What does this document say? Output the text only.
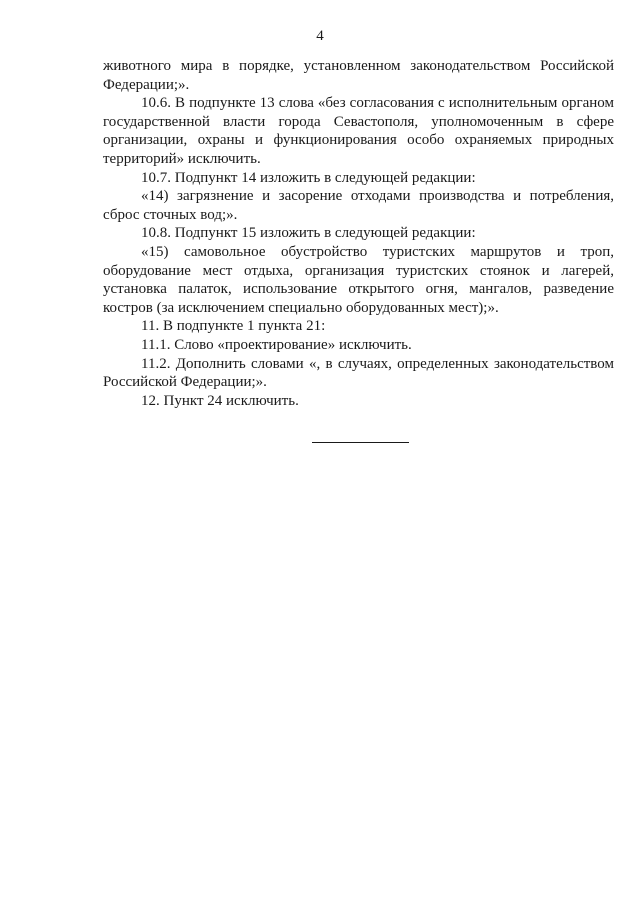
4

животного мира в порядке, установленном законодательством Российской Федерации;».

10.6. В подпункте 13 слова «без согласования с исполнительным органом государственной власти города Севастополя, уполномоченным в сфере организации, охраны и функционирования особо охраняемых природных территорий» исключить.

10.7. Подпункт 14 изложить в следующей редакции:

«14) загрязнение и засорение отходами производства и потребления, сброс сточных вод;».

10.8. Подпункт 15 изложить в следующей редакции:

«15) самовольное обустройство туристских маршрутов и троп, оборудование мест отдыха, организация туристских стоянок и лагерей, установка палаток, использование открытого огня, мангалов, разведение костров (за исключением специально оборудованных мест);».

11. В подпункте 1 пункта 21:

11.1. Слово «проектирование» исключить.

11.2. Дополнить словами «, в случаях, определенных законодательством Российской Федерации;».

12. Пункт 24 исключить.
